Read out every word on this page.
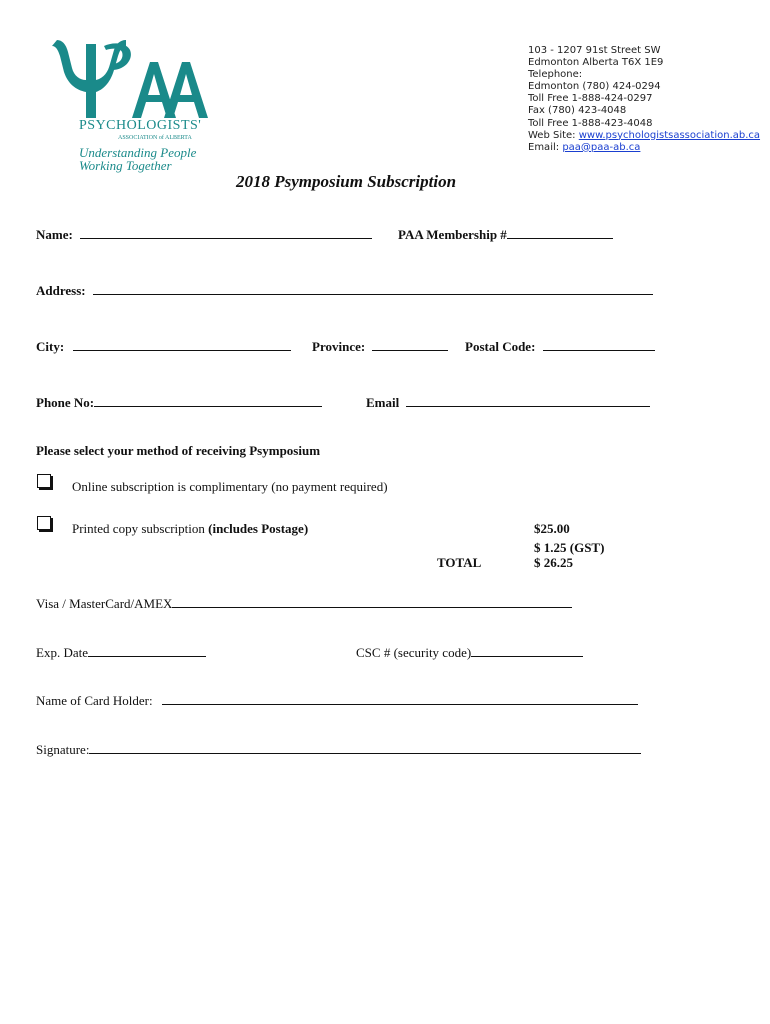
PSYCHOLOGISTS'
ASSOCIATION of ALBERTA
Understanding People
Working Together
103 - 1207 91st Street SW
Edmonton Alberta T6X 1E9
Telephone:
Edmonton (780) 424-0294
Toll Free 1-888-424-0297
Fax (780) 423-4048
Toll Free 1-888-423-4048
Web Site: www.psychologistsassociation.ab.ca
Email: paa@paa-ab.ca
2018 Psymposium Subscription
Name:	PAA Membership #
Address:
City:	Province:	Postal Code:
Phone No:	Email
Please select your method of receiving Psymposium
Online subscription is complimentary (no payment required)
Printed copy subscription (includes Postage)	$25.00
$ 1.25 (GST)
TOTAL	$ 26.25
Visa / MasterCard/AMEX
Exp. Date	CSC # (security code)
Name of Card Holder:
Signature:
